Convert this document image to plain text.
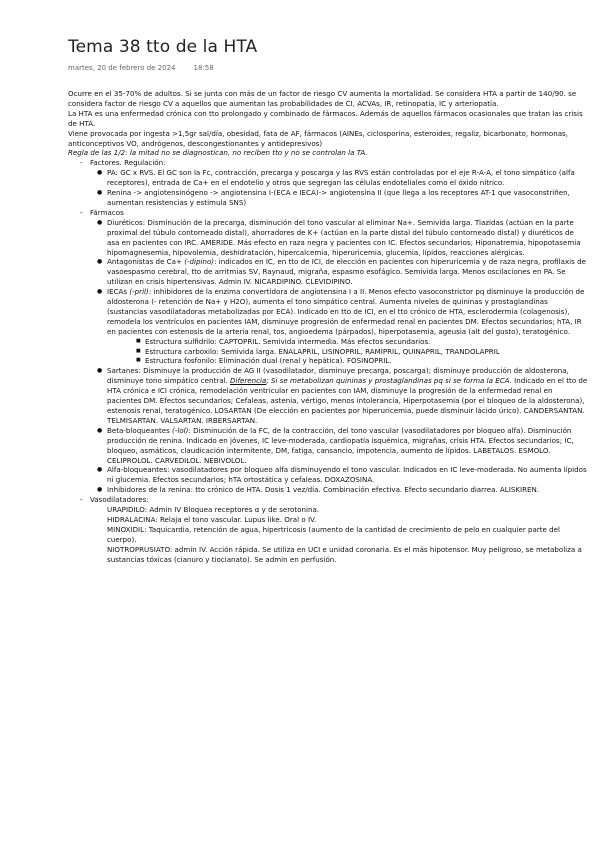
Tema 38 tto de la HTA
martes, 20 de febrero de 2024	18:58

Ocurre en el 35-70% de adultos. Si se junta con más de un factor de riesgo CV aumenta la mortalidad. Se considera HTA a partir de 140/90. se considera factor de riesgo CV a aquellos que aumentan las probabilidades de CI, ACVAs, IR, retinopatía, IC y arteriopatía.

La HTA es una enfermedad crónica con tto prolongado y combinado de fármacos. Además de aquellos fármacos ocasionales que tratan las crisis de HTA.

Viene provocada por ingesta >1,5gr sal/día, obesidad, fata de AF, fármacos (AINEs, ciclosporina, esteroides, regaliz, bicarbonato, hormonas, anticonceptivos VO, andrógenos, descongestionantes y antidepresivos)

Regla de las 1/2: la mitad no se diagnostican, no reciben tto y no se controlan la TA.

- Factores. Regulación:
● PA: GC x RVS. El GC son la Fc, contracción, precarga y poscarga y las RVS están controladas por el eje R-A-A, el tono simpático (alfa receptores), entrada de Ca+ en el endotelio y otros que segregan las células endoteliales como el óxido nítrico.
● Renina -> angiotensinógeno -> angiotensina I-(ECA e IECA)-> angiotensina II (que llega a los receptores AT-1 que vasoconstriñen, aumentan resistencias y estimula SNS)
- Fármacos
● Diuréticos: Disminución de la precarga, disminución del tono vascular al eliminar Na+. Semivida larga. Tiazidas (actúan en la parte proximal del túbulo contorneado distal), ahorradores de K+ (actúan en la parte distal del túbulo contorneado distal) y diuréticos de asa en pacientes con IRC. AMERIDE. Más efecto en raza negra y pacientes con IC. Efectos secundarios; Hiponatremia, hipopotasemia hipomagnesemia, hipovolemia, deshidratación, hipercalcemia, hiperuricemia, glucemia, lípidos, reacciones alérgicas.
● Antagonistas de Ca+ (-dipino): indicados en IC, en tto de ICI, de elección en pacientes con hiperuricemia y de raza negra, profilaxis de vasoespasmo cerebral, tto de arritmias SV, Raynaud, migraña, espasmo esofágico. Semivida larga. Menos oscilaciones en PA. Se utilizan en crisis hipertensivas. Admin IV. NICARDIPINO. CLEVIDIPINO.
● IECAs (-pril): inhibidores de la enzima convertidora de angiotensina I a II. Menos efecto vasoconstrictor pq disminuye la producción de aldosterona (- retención de Na+ y H2O), aumenta el tono simpático central. Aumenta niveles de quininas y prostaglandinas (sustancias vasodilatadoras metabolizadas por ECA). Indicado en tto de ICI, en el tto crónico de HTA, esclerodermia (colagenosis), remodela los ventrículos en pacientes IAM, disminuye progresión de enfermedad renal en pacientes DM. Efectos secundarios; hTA, IR en pacientes con estenosis de la arteria renal, tos, angioedema (párpados), hiperpotasemia, ageusia (alt del gusto), teratogénico.
■ Estructura sulfidrilo: CAPTOPRIL. Semivida intermedia. Más efectos secundarios.
■ Estructura carboxilo: Semivida larga. ENALAPRIL, LISINOPRIL, RAMIPRIL, QUINAPRIL, TRANDOLAPRIL
■ Estructura fosfonilo: Eliminación dual (renal y hepática). FOSINOPRIL.
● Sartanes: Disminuye la producción de AG II (vasodilatador, disminuye precarga, poscarga); disminuye producción de aldosterona, disminuye tono simpático central. Diferencia; Si se metabolizan quininas y prostaglandinas pq si se forma la ECA. Indicado en el tto de HTA crónica e ICI crónica, remodelación ventricular en pacientes con IAM, disminuye la progresión de la enfermedad renal en pacientes DM. Efectos secundarios; Cefaleas, astenia, vértigo, menos intolerancia, Hiperpotasemia (por el bloqueo de la aldosterona), estenosis renal, teratogénico. LOSARTAN (De elección en pacientes por hiperuricemia, puede disminuir lácido úrico). CANDERSANTAN. TELMISARTAN. VALSARTAN. IRBERSARTAN.
● Beta-bloqueantes (-lol): Disminución de la FC, de la contracción, del tono vascular (vasodilatadores por bloqueo alfa). Disminución producción de renina. Indicado en jóvenes, IC leve-moderada, cardiopatía isquémica, migrañas, crisis HTA. Efectos secundarios; IC, bloqueo, asmáticos, claudicación intermitente, DM, fatiga, cansancio, impotencia, aumento de lípidos. LABETALOS. ESMOLO. CELIPROLOL. CARVEDILOL. NEBIVOLOL.
● Alfa-bloqueantes: vasodilatadores por bloqueo alfa disminuyendo el tono vascular. Indicados en IC leve-moderada. No aumenta lípidos ni glucemia. Efectos secundarios; hTA ortostática y cefaleas. DOXAZOSINA.
● Inhibidores de la renina: tto crónico de HTA. Dosis 1 vez/día. Combinación efectiva. Efecto secundario diarrea. ALISKIREN.
- Vasodilatadores:

URAPIDILO: Admin IV Bloquea receptores α y de serotonina.

HIDRALACINA: Relaja el tono vascular. Lupus like. Oral o IV.

MINOXIDIL: Taquicardia, retención de agua, hipertricosis (aumento de la cantidad de crecimiento de pelo en cualquier parte del cuerpo).

NIOTROPRUSIATO: admin IV. Acción rápida. Se utiliza en UCI e unidad coronaria. Es el más hipotensor. Muy peligroso, se metaboliza a sustancias tóxicas (cianuro y tiocianato). Se admin en perfusión.
